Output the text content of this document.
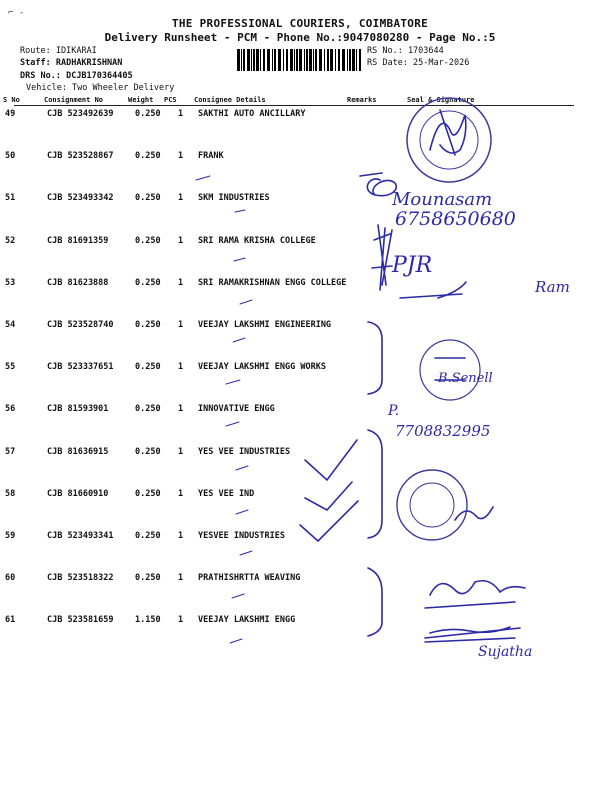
⌐ -
THE PROFESSIONAL COURIERS, COIMBATORE
Delivery Runsheet - PCM - Phone No.:9047080280 - Page No.:5
Route: IDIKARAI
Staff: RADHAKRISHNAN
DRS No.: DCJB170364405
Vehicle: Two Wheeler Delivery
RS No.: 1703644
RS Date: 25-Mar-2026
S No	Consignment No	Weight PCS Consignee Details	Remarks	Seal & Signature
49	CJB 523492639	0.250 1 SAKTHI AUTO ANCILLARY
50	CJB 523528867	0.250 1 FRANK
51	CJB 523493342	0.250 1 SKM INDUSTRIES
52	CJB 81691359	0.250 1 SRI RAMA KRISHA COLLEGE
53	CJB 81623888	0.250 1 SRI RAMAKRISHNAN ENGG COLLEGE
54	CJB 523528740	0.250 1 VEEJAY LAKSHMI ENGINEERING
55	CJB 523337651	0.250 1 VEEJAY LAKSHMI ENGG WORKS
56	CJB 81593901	0.250 1 INNOVATIVE ENGG
57	CJB 81636915	0.250 1 YES VEE INDUSTRIES
58	CJB 81660910	0.250 1 YES VEE IND
59	CJB 523493341	0.250 1 YESVEE INDUSTRIES
60	CJB 523518322	0.250 1 PRATHISHRTTA WEAVING
61	CJB 523581659	1.150 1 VEEJAY LAKSHMI ENGG
Mounasam
6758650680
PJR
Ram
B.Senell
P.
7708832995
Sujatha
